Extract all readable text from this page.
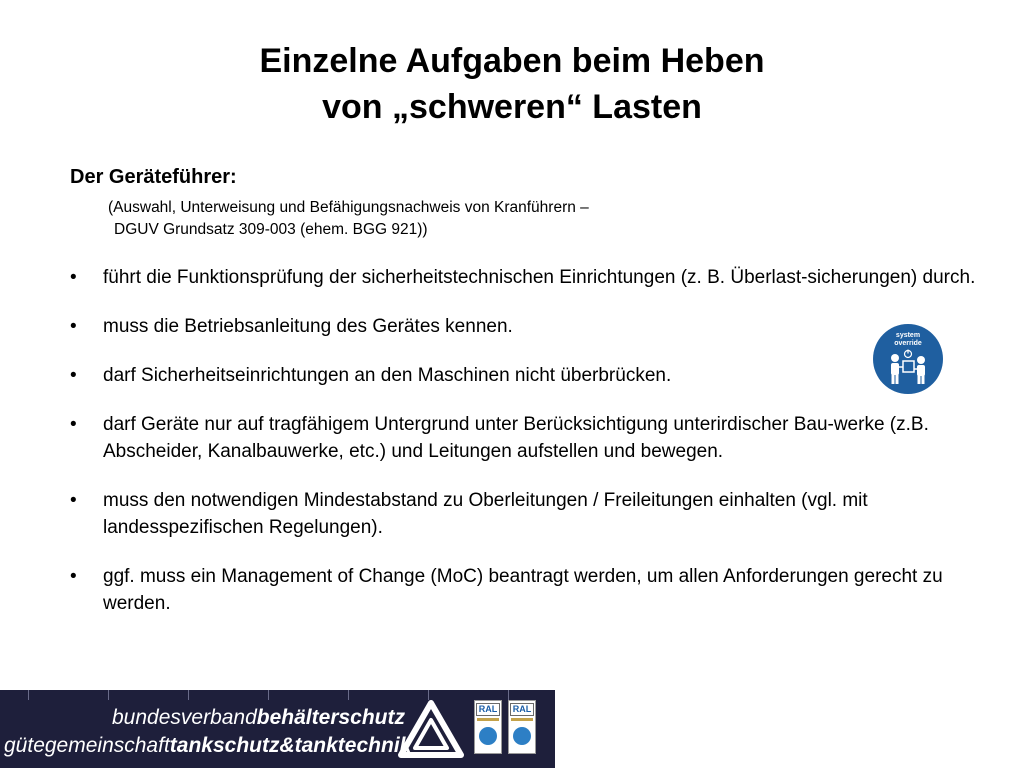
Einzelne Aufgaben beim Heben
von „schweren“ Lasten
Der Geräteführer:
(Auswahl, Unterweisung und Befähigungsnachweis von Kranführern –
DGUV Grundsatz 309-003 (ehem. BGG 921))
• führt die Funktionsprüfung der sicherheitstechnischen Einrichtungen (z. B. Überlast-sicherungen) durch.
• muss die Betriebsanleitung des Gerätes kennen.
• darf Sicherheitseinrichtungen an den Maschinen nicht überbrücken.
• darf Geräte nur auf tragfähigem Untergrund unter Berücksichtigung unterirdischer Bau-werke (z.B. Abscheider, Kanalbauwerke, etc.) und Leitungen aufstellen und bewegen.
• muss den notwendigen Mindestabstand zu Oberleitungen / Freileitungen einhalten (vgl. mit landesspezifischen Regelungen).
• ggf. muss ein Management of Change (MoC) beantragt werden, um allen Anforderungen gerecht zu werden.
system
override
bundesverbandbehälterschutz
gütegemeinschafttankschutz&tanktechnik
RAL	RAL
